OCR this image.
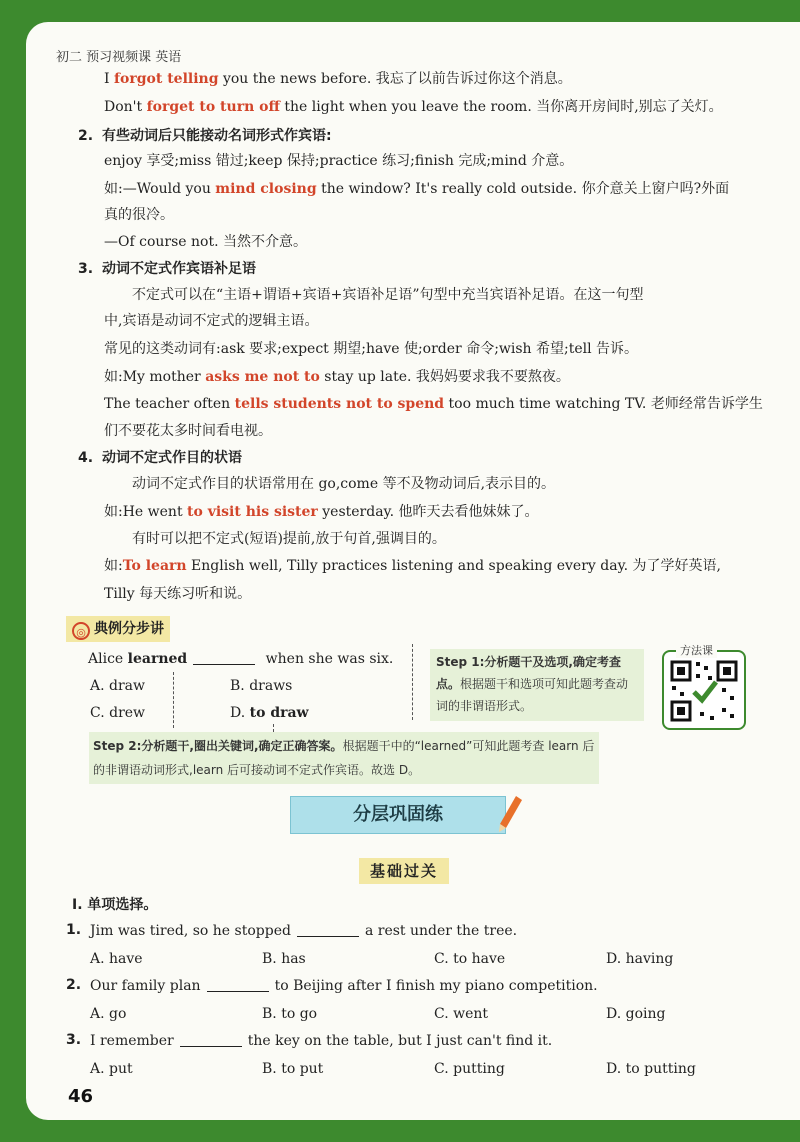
初二 预习视频课 英语
I forgot telling you the news before. 我忘了以前告诉过你这个消息。
Don't forget to turn off the light when you leave the room. 当你离开房间时,别忘了关灯。
2. 有些动词后只能接动名词形式作宾语:
enjoy 享受;miss 错过;keep 保持;practice 练习;finish 完成;mind 介意。
如:—Would you mind closing the window? It's really cold outside. 你介意关上窗户吗?外面
真的很冷。
—Of course not. 当然不介意。
3. 动词不定式作宾语补足语
不定式可以在“主语+谓语+宾语+宾语补足语”句型中充当宾语补足语。在这一句型
中,宾语是动词不定式的逻辑主语。
常见的这类动词有:ask 要求;expect 期望;have 使;order 命令;wish 希望;tell 告诉。
如:My mother asks me not to stay up late. 我妈妈要求我不要熬夜。
The teacher often tells students not to spend too much time watching TV. 老师经常告诉学生
们不要花太多时间看电视。
4. 动词不定式作目的状语
动词不定式作目的状语常用在 go,come 等不及物动词后,表示目的。
如:He went to visit his sister yesterday. 他昨天去看他妹妹了。
有时可以把不定式(短语)提前,放于句首,强调目的。
如:To learn English well, Tilly practices listening and speaking every day. 为了学好英语,
Tilly 每天练习听和说。
◎ 典例分步讲
Alice learned	when she was six.
A. draw	B. draws
C. drew	D. to draw
Step 1:分析题干及选项,确定考查点。根据题干和选项可知此题考查动词的非谓语形式。
Step 2:分析题干,圈出关键词,确定正确答案。根据题干中的“learned”可知此题考查 learn 后的非谓语动词形式,learn 后可接动词不定式作宾语。故选 D。
方法课
分层巩固练
基础过关
Ⅰ. 单项选择。
1. Jim was tired, so he stopped	a rest under the tree.
A. have	B. has	C. to have	D. having
2. Our family plan	to Beijing after I finish my piano competition.
A. go	B. to go	C. went	D. going
3. I remember	the key on the table, but I just can't find it.
A. put	B. to put	C. putting	D. to putting
46
